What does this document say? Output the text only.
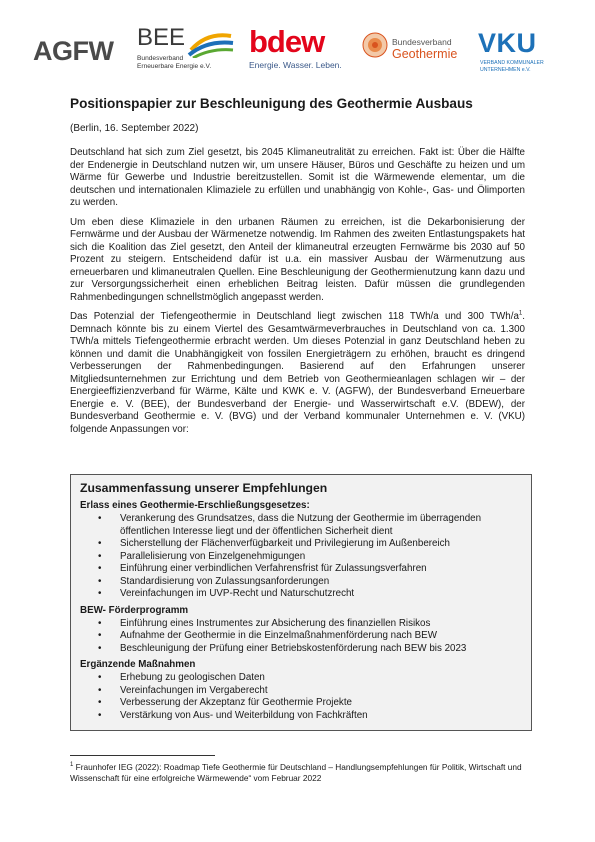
AGFW BEE
Bundesverband
Erneuerbare Energie e.V.
bdew
Energie. Wasser. Leben.
Bundesverband
Geothermie VKU
VERBAND KOMMUNALER
UNTERNEHMEN e.V.
Positionspapier zur Beschleunigung des Geothermie Ausbaus
(Berlin, 16. September 2022)

Deutschland hat sich zum Ziel gesetzt, bis 2045 Klimaneutralität zu erreichen. Fakt ist: Über die Hälfte der Endenergie in Deutschland nutzen wir, um unsere Häuser, Büros und Geschäfte zu heizen und um Wärme für Gewerbe und Industrie bereitzustellen. Somit ist die Wärmewende elementar, um die deutschen und internationalen Klimaziele zu erfüllen und unabhängig von Kohle-, Gas- und Ölimporten zu werden.

Um eben diese Klimaziele in den urbanen Räumen zu erreichen, ist die Dekarbonisierung der Fernwärme und der Ausbau der Wärmenetze notwendig. Im Rahmen des zweiten Entlastungspakets hat sich die Koalition das Ziel gesetzt, den Anteil der klimaneutral erzeugten Fernwärme bis 2030 auf 50 Prozent zu steigern. Entscheidend dafür ist u.a. ein massiver Ausbau der Wärmenutzung aus erneuerbaren und klimaneutralen Quellen. Eine Beschleunigung der Geothermienutzung kann dazu und zur Versorgungssicherheit einen erheblichen Beitrag leisten. Dafür müssen die grundlegenden Rahmenbedingungen schnellstmöglich angepasst werden.

Das Potenzial der Tiefengeothermie in Deutschland liegt zwischen 118 TWh/a und 300 TWh/$a^1$. Demnach könnte bis zu einem Viertel des Gesamtwärmeverbrauches in Deutschland von ca. 1.300 TWh/a mittels Tiefengeothermie erbracht werden. Um dieses Potenzial in ganz Deutschland heben zu können und damit die Unabhängigkeit von fossilen Energieträgern zu erhöhen, braucht es dringend Verbesserungen der Rahmenbedingungen. Basierend auf den Erfahrungen unserer Mitgliedsunternehmen zur Errichtung und dem Betrieb von Geothermieanlagen schlagen wir – der Energieeffizienzverband für Wärme, Kälte und KWK e. V. (AGFW), der Bundesverband Erneuerbare Energie e. V. (BEE), der Bundesverband der Energie- und Wasserwirtschaft e.V. (BDEW), der Bundesverband Geothermie e. V. (BVG) und der Verband kommunaler Unternehmen e. V. (VKU) folgende Anpassungen vor:

Zusammenfassung unserer Empfehlungen
Erlass eines Geothermie-Erschließungsgesetzes:
• Verankerung des Grundsatzes, dass die Nutzung der Geothermie im überragenden öffentlichen Interesse liegt und der öffentlichen Sicherheit dient
• Sicherstellung der Flächenverfügbarkeit und Privilegierung im Außenbereich
• Parallelisierung von Einzelgenehmigungen
• Einführung einer verbindlichen Verfahrensfrist für Zulassungsverfahren
• Standardisierung von Zulassungsanforderungen
• Vereinfachungen im UVP-Recht und Naturschutzrecht
BEW- Förderprogramm
• Einführung eines Instrumentes zur Absicherung des finanziellen Risikos
• Aufnahme der Geothermie in die Einzelmaßnahmenförderung nach BEW
• Beschleunigung der Prüfung einer Betriebskostenförderung nach BEW bis 2023
Ergänzende Maßnahmen
• Erhebung zu geologischen Daten
• Vereinfachungen im Vergaberecht
• Verbesserung der Akzeptanz für Geothermie Projekte
• Verstärkung von Aus- und Weiterbildung von Fachkräften
$^1$ Fraunhofer IEG (2022): Roadmap Tiefe Geothermie für Deutschland – Handlungsempfehlungen für Politik, Wirtschaft und Wissenschaft für eine erfolgreiche Wärmewende“ vom Februar 2022
